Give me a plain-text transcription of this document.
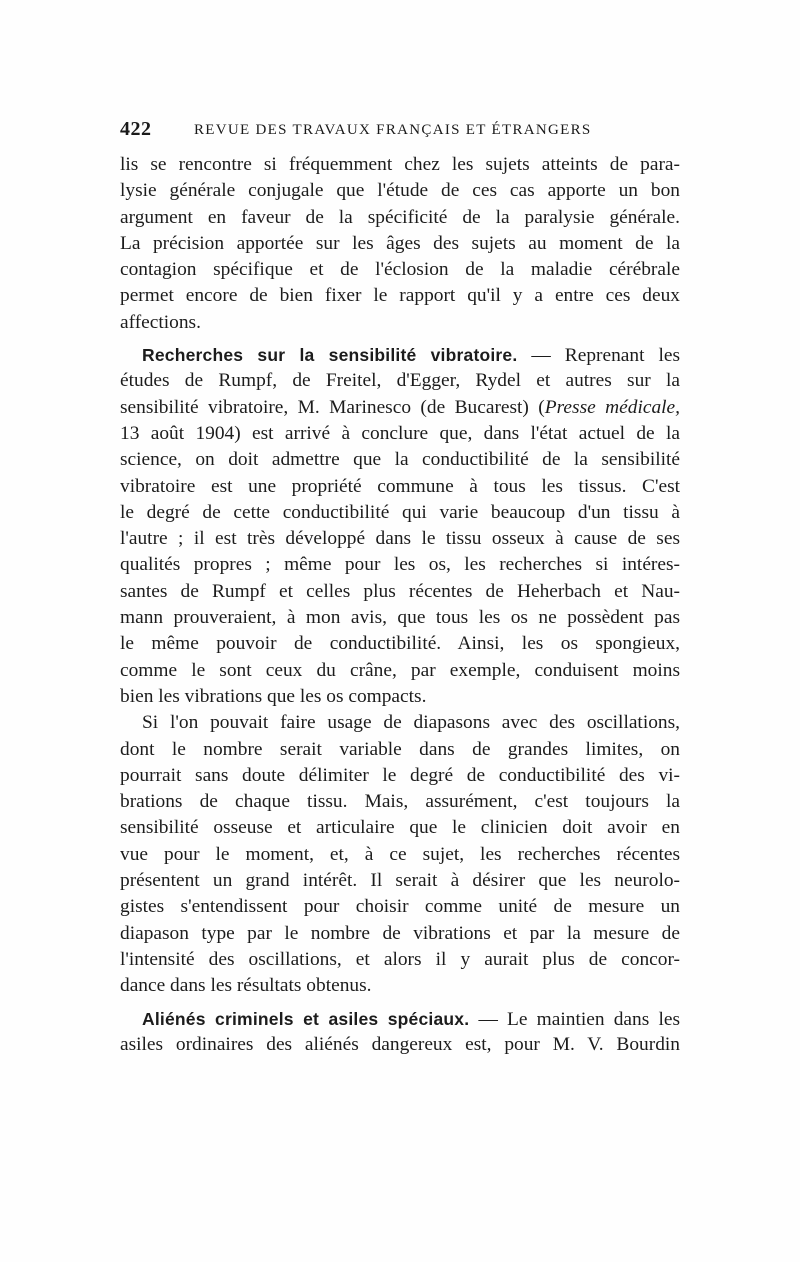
422	REVUE DES TRAVAUX FRANÇAIS ET ÉTRANGERS
lis se rencontre si fréquemment chez les sujets atteints de para-
lysie générale conjugale que l'étude de ces cas apporte un bon
argument en faveur de la spécificité de la paralysie générale.
La précision apportée sur les âges des sujets au moment de la
contagion spécifique et de l'éclosion de la maladie cérébrale
permet encore de bien fixer le rapport qu'il y a entre ces deux
affections.
Recherches sur la sensibilité vibratoire. — Reprenant les
études de Rumpf, de Freitel, d'Egger, Rydel et autres sur la
sensibilité vibratoire, M. Marinesco (de Bucarest) (Presse médicale,
13 août 1904) est arrivé à conclure que, dans l'état actuel de la
science, on doit admettre que la conductibilité de la sensibilité
vibratoire est une propriété commune à tous les tissus. C'est
le degré de cette conductibilité qui varie beaucoup d'un tissu à
l'autre ; il est très développé dans le tissu osseux à cause de ses
qualités propres ; même pour les os, les recherches si intéres-
santes de Rumpf et celles plus récentes de Heherbach et Nau-
mann prouveraient, à mon avis, que tous les os ne possèdent pas
le même pouvoir de conductibilité. Ainsi, les os spongieux,
comme le sont ceux du crâne, par exemple, conduisent moins
bien les vibrations que les os compacts.
Si l'on pouvait faire usage de diapasons avec des oscillations,
dont le nombre serait variable dans de grandes limites, on
pourrait sans doute délimiter le degré de conductibilité des vi-
brations de chaque tissu. Mais, assurément, c'est toujours la
sensibilité osseuse et articulaire que le clinicien doit avoir en
vue pour le moment, et, à ce sujet, les recherches récentes
présentent un grand intérêt. Il serait à désirer que les neurolo-
gistes s'entendissent pour choisir comme unité de mesure un
diapason type par le nombre de vibrations et par la mesure de
l'intensité des oscillations, et alors il y aurait plus de concor-
dance dans les résultats obtenus.
Aliénés criminels et asiles spéciaux. — Le maintien dans les
asiles ordinaires des aliénés dangereux est, pour M. V. Bourdin
